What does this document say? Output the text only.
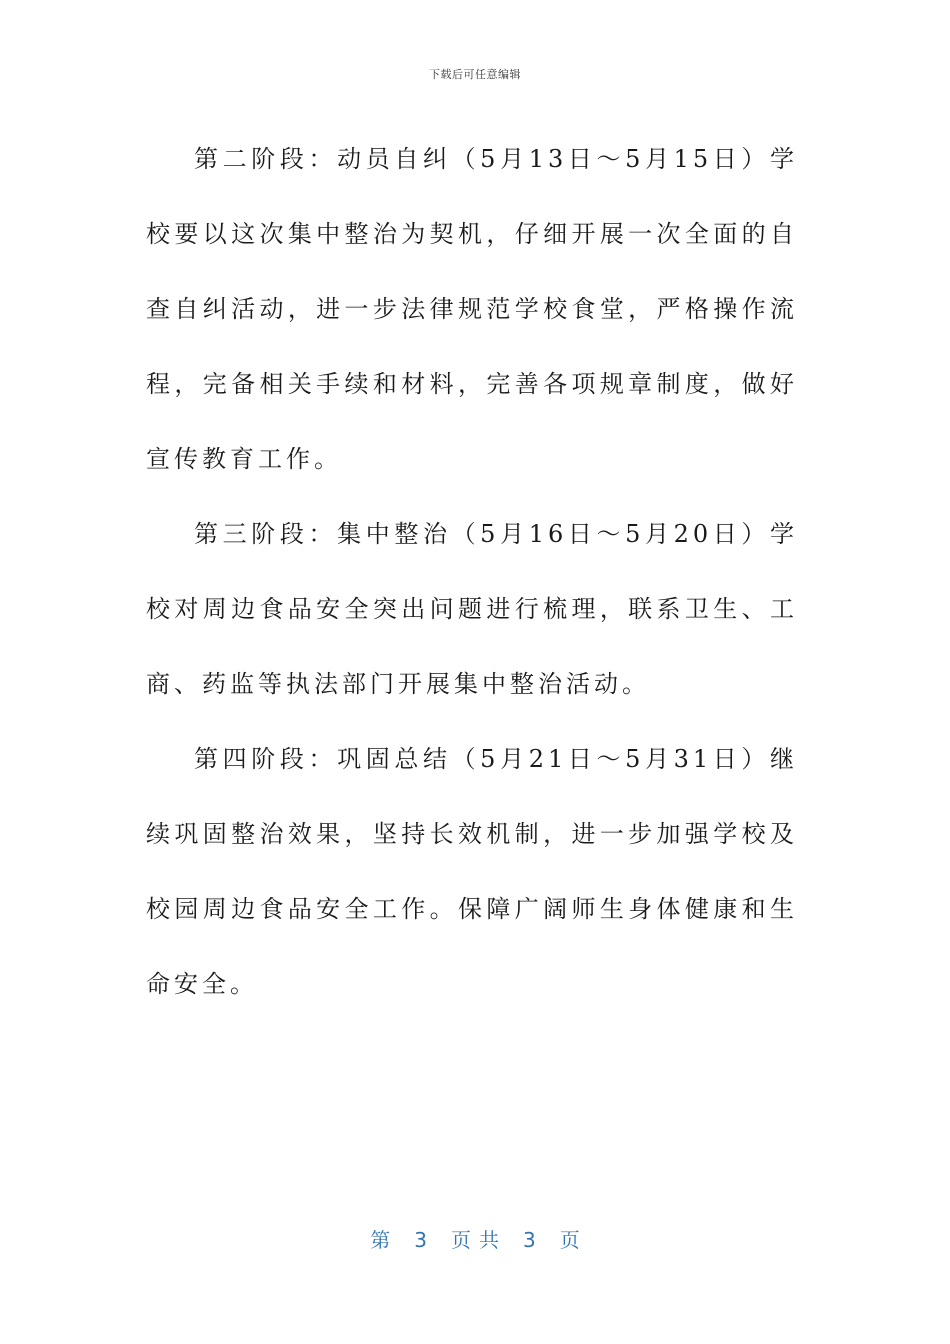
下载后可任意编辑

第二阶段：动员自纠（5月13日～5月15日）学校要以这次集中整治为契机，仔细开展一次全面的自查自纠活动，进一步法律规范学校食堂，严格操作流程，完备相关手续和材料，完善各项规章制度，做好宣传教育工作。

第三阶段：集中整治（5月16日～5月20日）学校对周边食品安全突出问题进行梳理，联系卫生、工商、药监等执法部门开展集中整治活动。

第四阶段：巩固总结（5月21日～5月31日）继续巩固整治效果，坚持长效机制，进一步加强学校及校园周边食品安全工作。保障广阔师生身体健康和生命安全。

第 3 页 共 3 页
